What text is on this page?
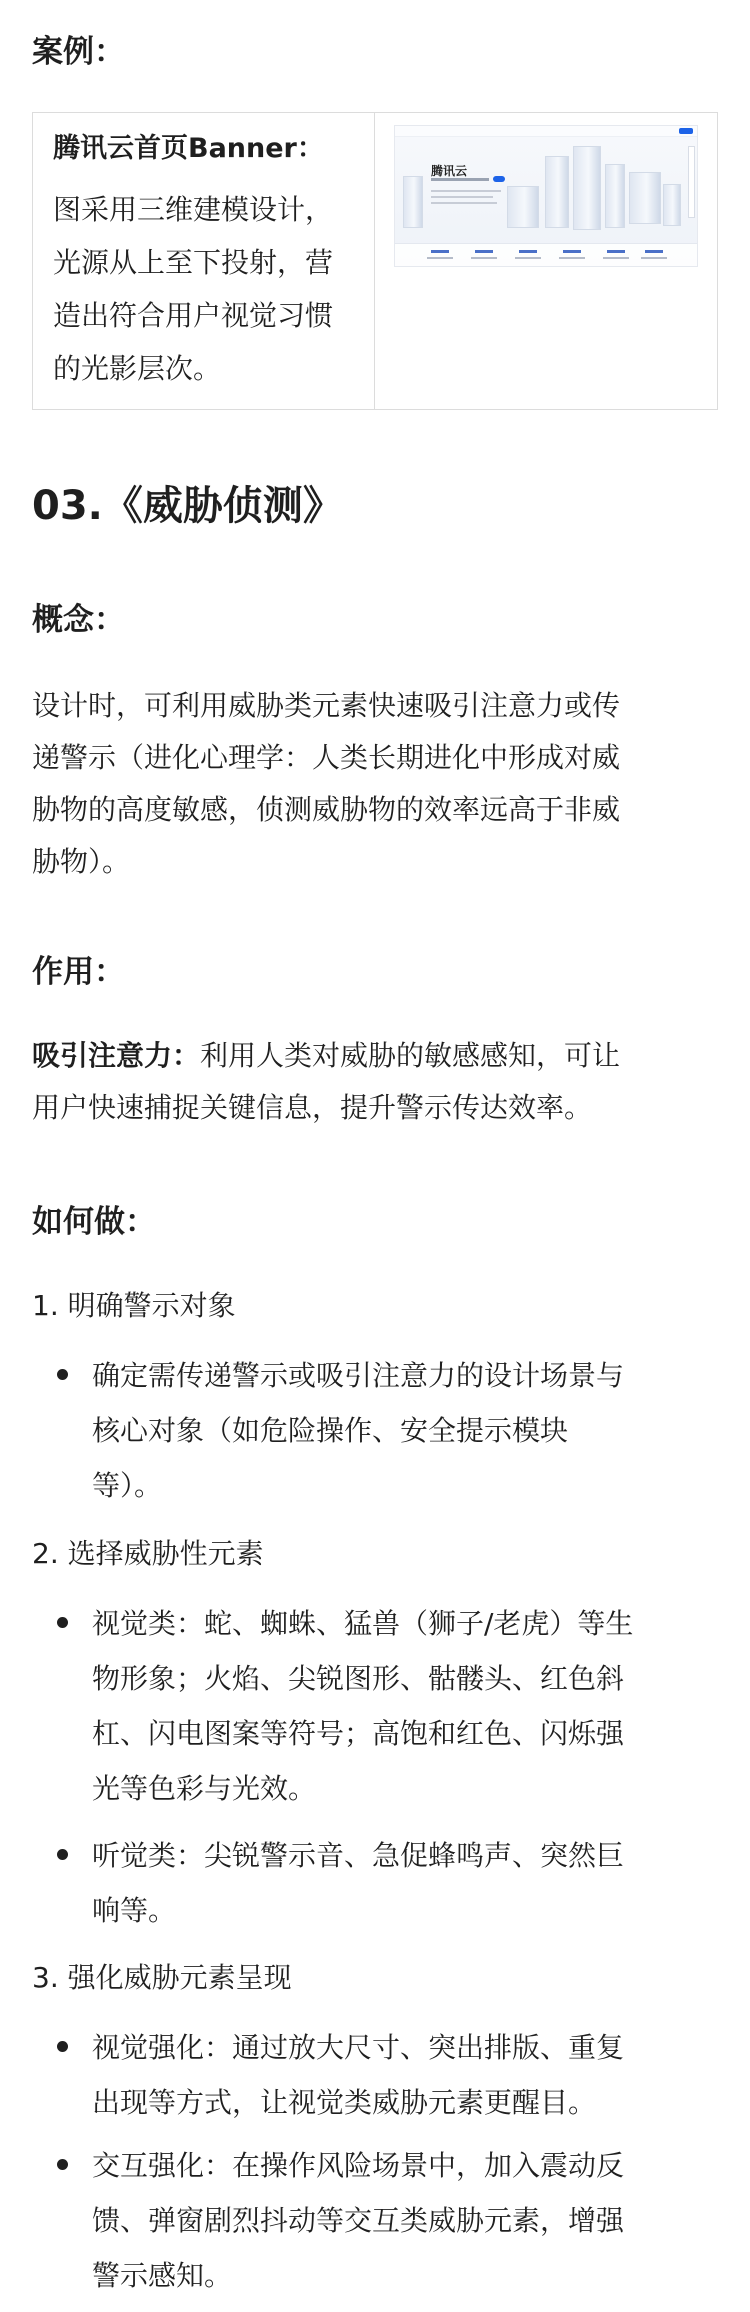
案例：
腾讯云首页Banner：

图采用三维建模设计，
光源从上至下投射，营
造出符合用户视觉习惯
的光影层次。

腾讯云
03.《威胁侦测》
概念：

设计时，可利用威胁类元素快速吸引注意力或传
递警示（进化心理学：人类长期进化中形成对威
胁物的高度敏感，侦测威胁物的效率远高于非威
胁物）。

作用：

吸引注意力：利用人类对威胁的敏感感知，可让
用户快速捕捉关键信息，提升警示传达效率。

如何做：
1. 明确警示对象

确定需传递警示或吸引注意力的设计场景与
核心对象（如危险操作、安全提示模块
等）。

2. 选择威胁性元素

视觉类：蛇、蜘蛛、猛兽（狮子/老虎）等生
物形象；火焰、尖锐图形、骷髅头、红色斜
杠、闪电图案等符号；高饱和红色、闪烁强
光等色彩与光效。

听觉类：尖锐警示音、急促蜂鸣声、突然巨
响等。

3. 强化威胁元素呈现

视觉强化：通过放大尺寸、突出排版、重复
出现等方式，让视觉类威胁元素更醒目。

交互强化：在操作风险场景中，加入震动反
馈、弹窗剧烈抖动等交互类威胁元素，增强
警示感知。
